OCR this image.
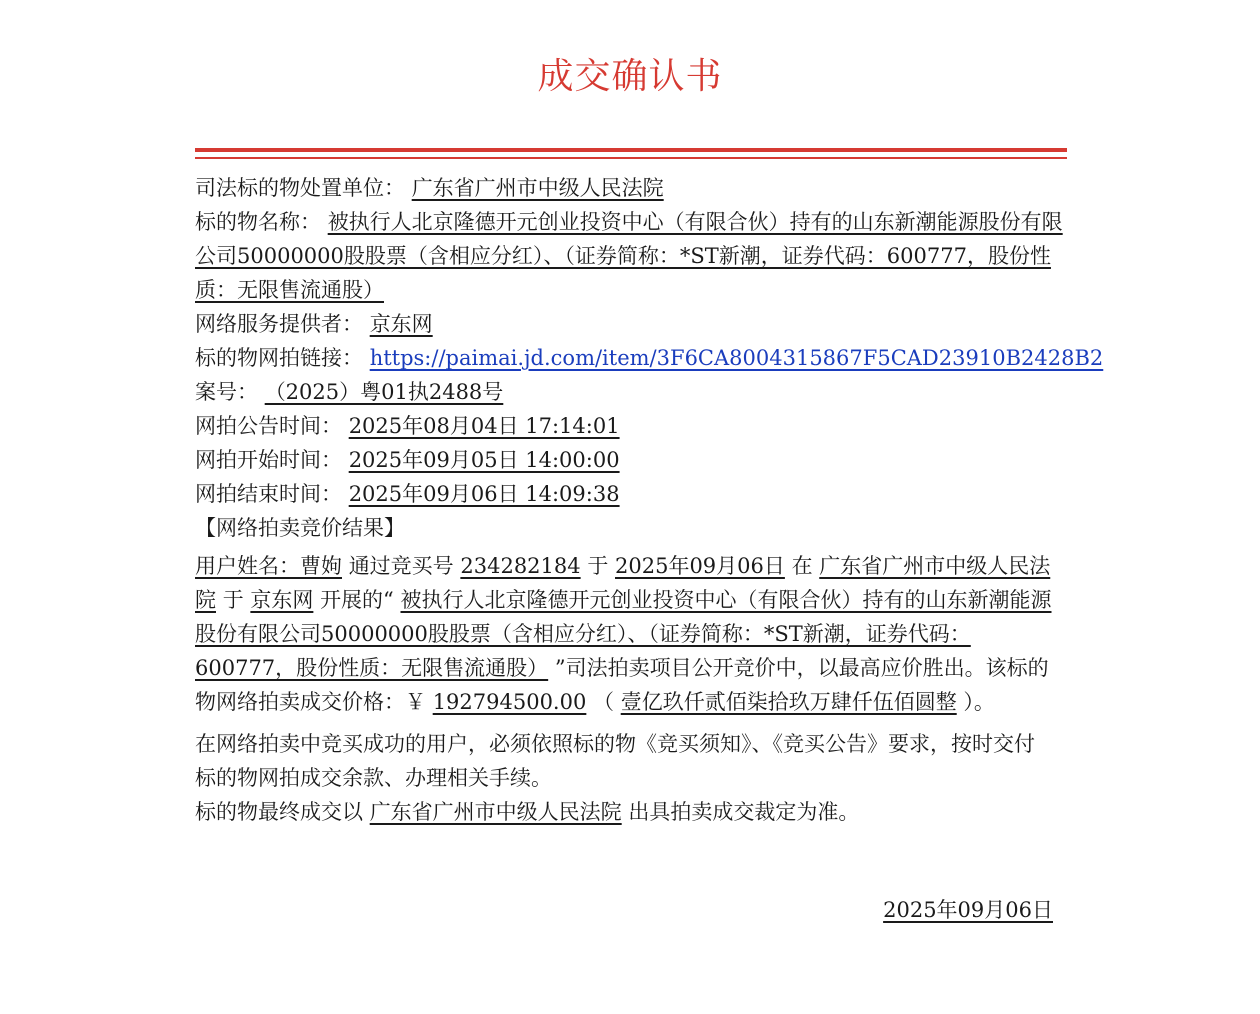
成交确认书
司法标的物处置单位： 广东省广州市中级人民法院
标的物名称： 被执行人北京隆德开元创业投资中心（有限合伙）持有的山东新潮能源股份有限公司50000000股股票（含相应分红）、（证券简称：*ST新潮，证券代码：600777，股份性质：无限售流通股）
网络服务提供者： 京东网
标的物网拍链接： https://paimai.jd.com/item/3F6CA8004315867F5CAD23910B2428B2
案号： （2025）粤01执2488号
网拍公告时间： 2025年08月04日 17:14:01
网拍开始时间： 2025年09月05日 14:00:00
网拍结束时间： 2025年09月06日 14:09:38
【网络拍卖竞价结果】
用户姓名：曹姁 通过竞买号 234282184 于 2025年09月06日 在 广东省广州市中级人民法院 于 京东网 开展的“ 被执行人北京隆德开元创业投资中心（有限合伙）持有的山东新潮能源股份有限公司50000000股股票（含相应分红）、（证券简称：*ST新潮，证券代码：600777，股份性质：无限售流通股） ”司法拍卖项目公开竞价中，以最高应价胜出。该标的物网络拍卖成交价格：￥ 192794500.00 （ 壹亿玖仟贰佰柒拾玖万肆仟伍佰圆整 ）。
在网络拍卖中竞买成功的用户，必须依照标的物《竞买须知》、《竞买公告》要求，按时交付标的物网拍成交余款、办理相关手续。
标的物最终成交以 广东省广州市中级人民法院 出具拍卖成交裁定为准。
2025年09月06日
